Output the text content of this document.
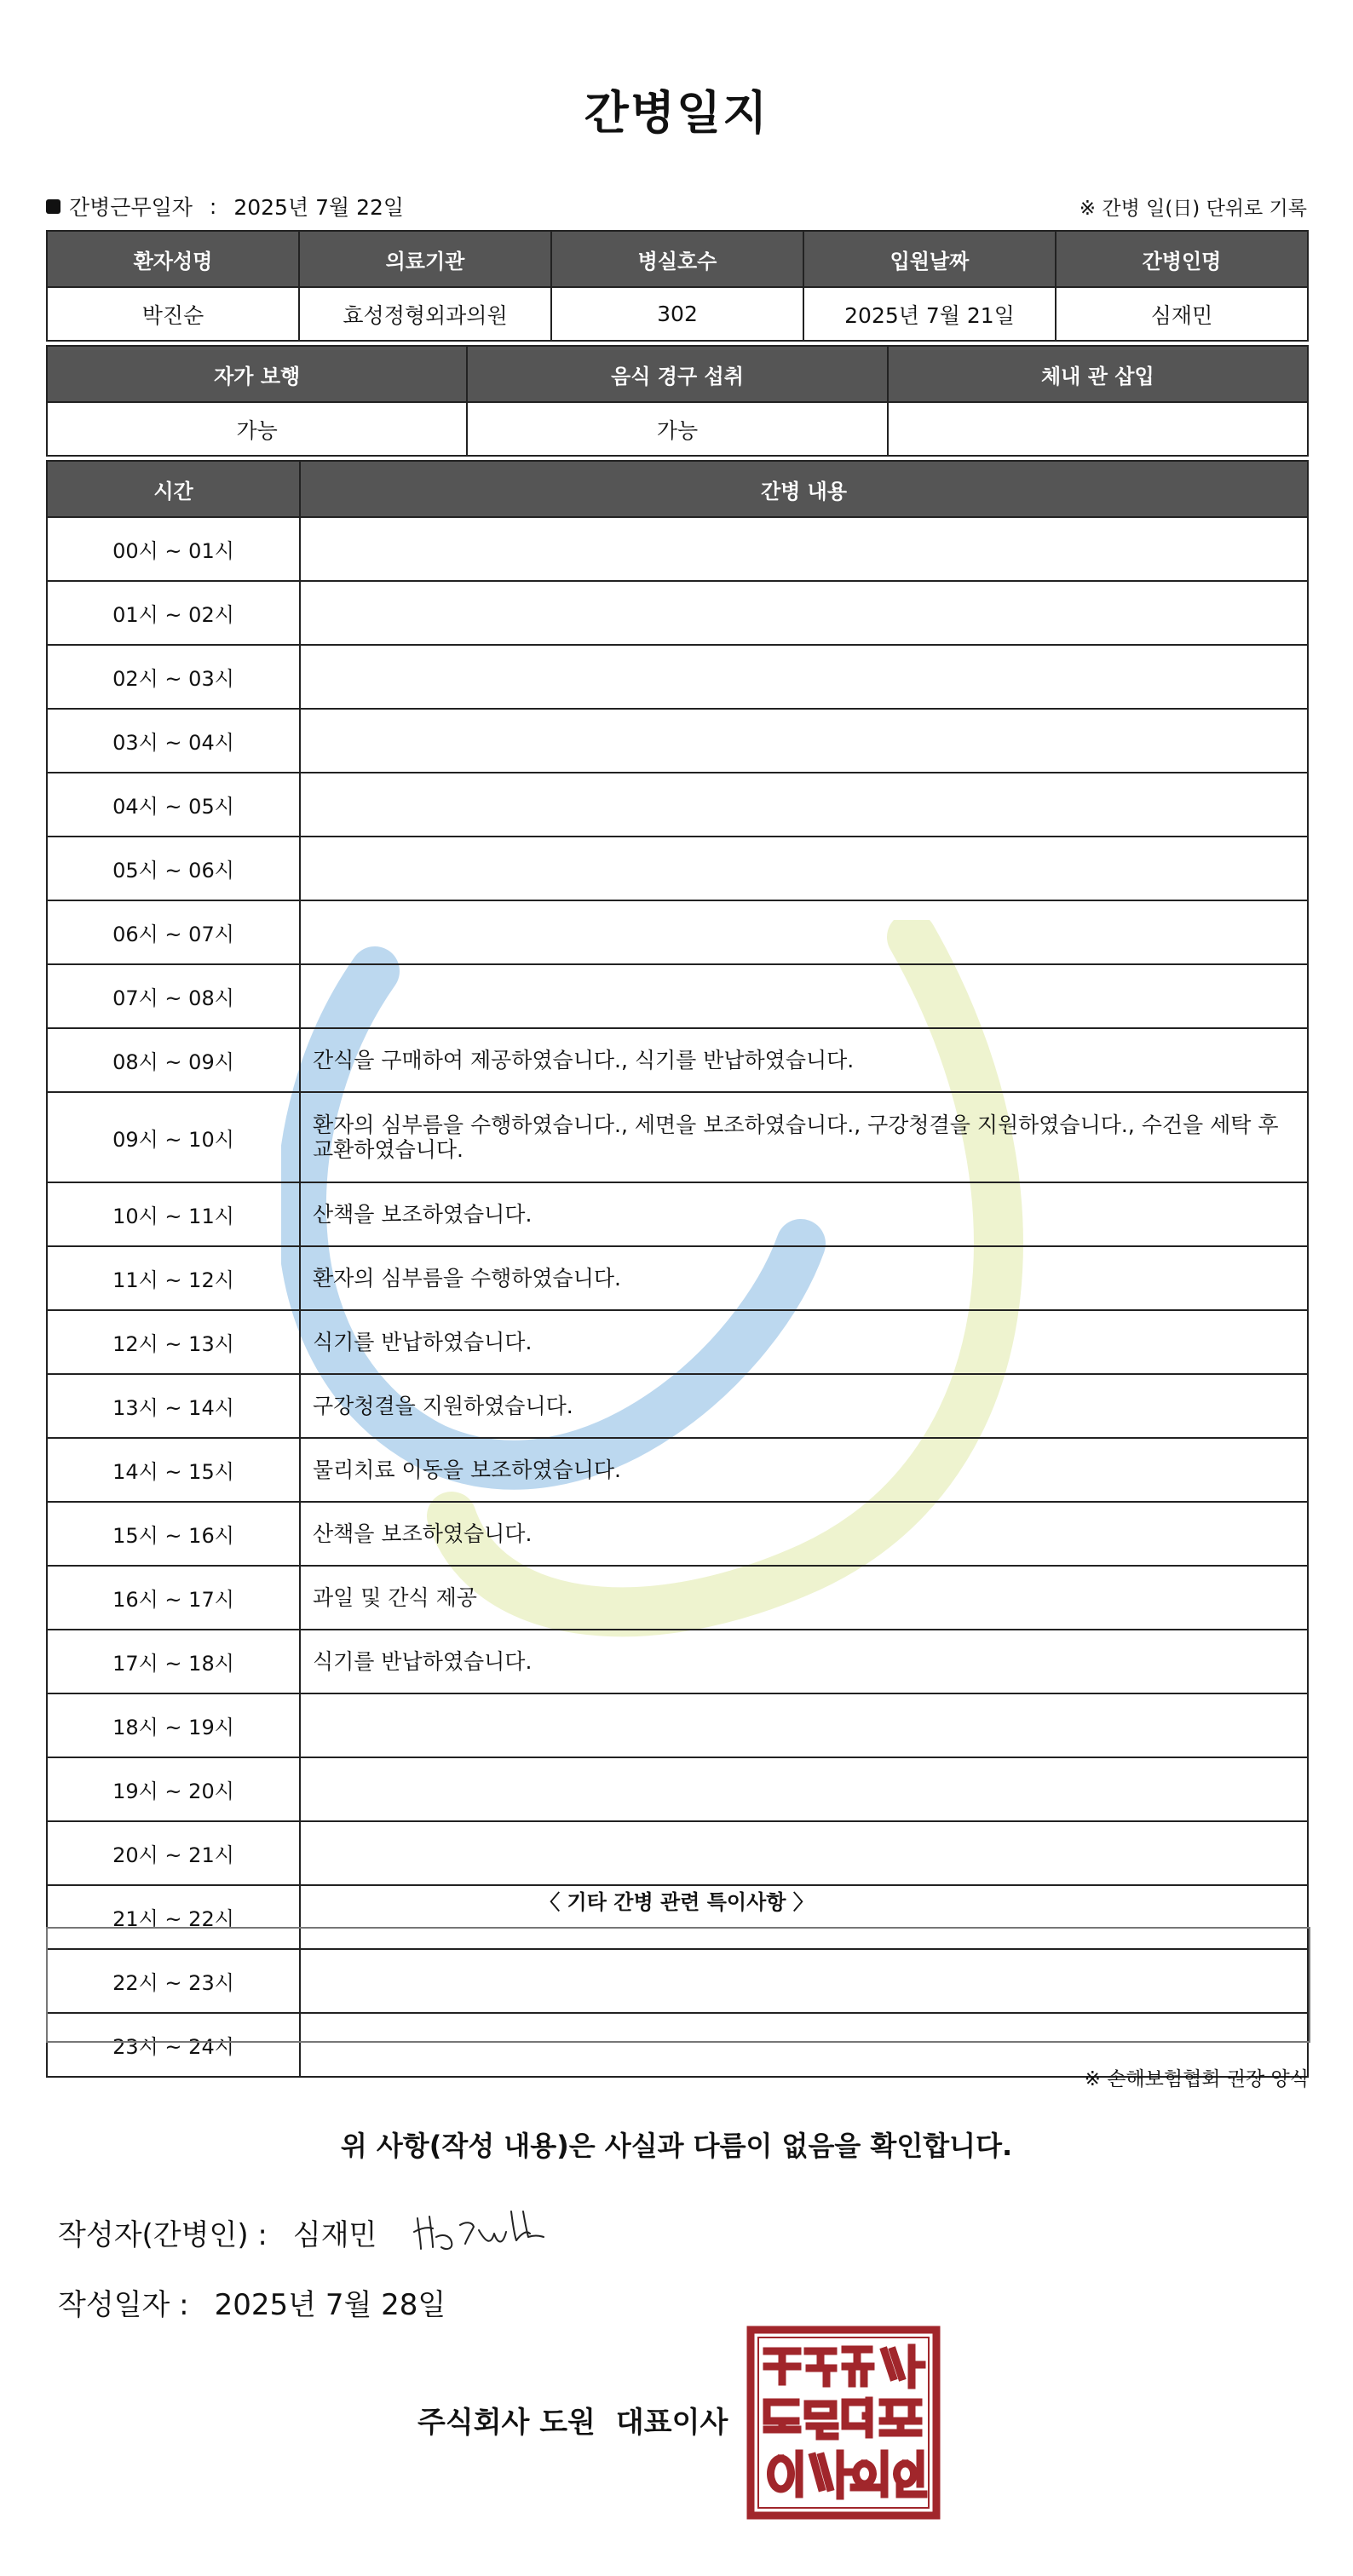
간병일지
간병근무일자 : 2025년 7월 22일	※ 간병 일(日) 단위로 기록
환자성명	의료기관	병실호수	입원날짜	간병인명
박진순	효성정형외과의원	302	2025년 7월 21일	심재민
자가 보행	음식 경구 섭취	체내 관 삽입
가능	가능	
시간	간병 내용
00시 ~ 01시	
01시 ~ 02시	
02시 ~ 03시	
03시 ~ 04시	
04시 ~ 05시	
05시 ~ 06시	
06시 ~ 07시	
07시 ~ 08시	
08시 ~ 09시	간식을 구매하여 제공하였습니다., 식기를 반납하였습니다.
09시 ~ 10시	환자의 심부름을 수행하였습니다., 세면을 보조하였습니다., 구강청결을 지원하였습니다., 수건을 세탁 후 교환하였습니다.
10시 ~ 11시	산책을 보조하였습니다.
11시 ~ 12시	환자의 심부름을 수행하였습니다.
12시 ~ 13시	식기를 반납하였습니다.
13시 ~ 14시	구강청결을 지원하였습니다.
14시 ~ 15시	물리치료 이동을 보조하였습니다.
15시 ~ 16시	산책을 보조하였습니다.
16시 ~ 17시	과일 및 간식 제공
17시 ~ 18시	식기를 반납하였습니다.
18시 ~ 19시	
19시 ~ 20시	
20시 ~ 21시	
21시 ~ 22시	
22시 ~ 23시	
23시 ~ 24시	
〈 기타 간병 관련 특이사항 〉
※ 손해보험협회 권장 양식
위 사항(작성 내용)은 사실과 다름이 없음을 확인합니다.
작성자(간병인) : 심재민
작성일자 : 2025년 7월 28일
주식회사 도원 대표이사
